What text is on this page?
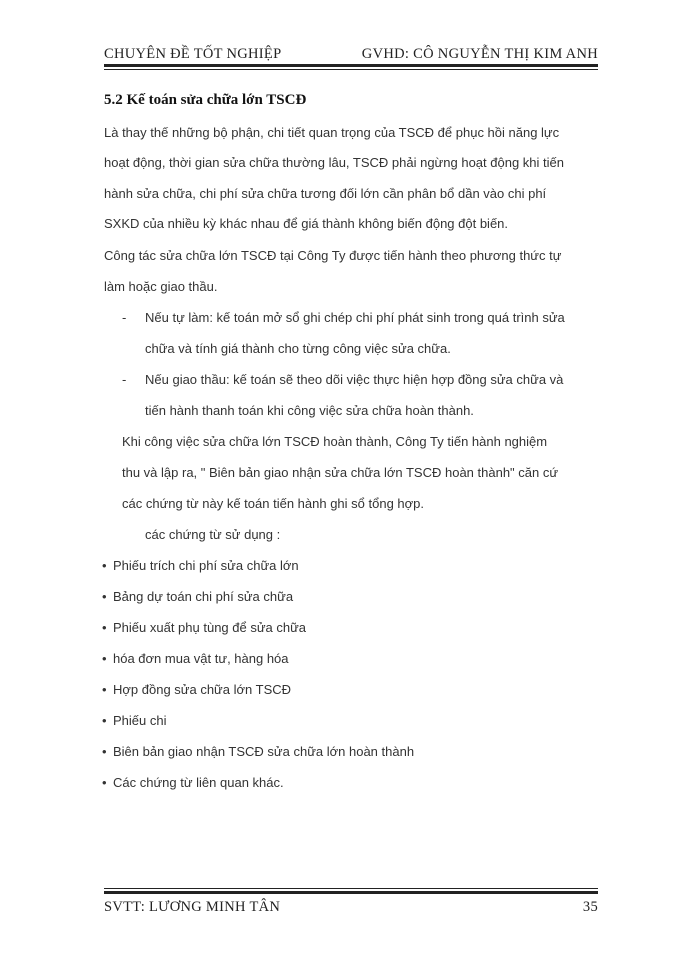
CHUYÊN ĐỀ TỐT NGHIỆP	GVHD: CÔ NGUYỄN THỊ KIM ANH
5.2 Kế toán sửa chữa lớn TSCĐ
Là thay thế những bộ phận, chi tiết quan trọng của TSCĐ để phục hồi năng lực
hoạt động, thời gian sửa chữa thường lâu, TSCĐ phải ngừng hoạt động khi tiến
hành sửa chữa, chi phí sửa chữa tương đối lớn cần phân bổ dần vào chi phí
SXKD của nhiều kỳ khác nhau để giá thành không biến động đột biến.
Công tác sửa chữa lớn TSCĐ tại Công Ty được tiến hành theo phương thức tự
làm hoặc giao thầu.
- Nếu tự làm: kế toán mở sổ ghi chép chi phí phát sinh trong quá trình sửa
chữa và tính giá thành cho từng công việc sửa chữa.
- Nếu giao thầu: kế toán sẽ theo dõi việc thực hiện hợp đồng sửa chữa và
tiến hành thanh toán khi công việc sửa chữa hoàn thành.
Khi công việc sửa chữa lớn TSCĐ hoàn thành, Công Ty tiến hành nghiệm
thu và lập ra, " Biên bản giao nhận sửa chữa lớn TSCĐ hoàn thành" căn cứ
các chứng từ này kế toán tiến hành ghi sổ tổng hợp.
các chứng từ sử dụng :
• Phiếu trích chi phí sửa chữa lớn
• Bảng dự toán chi phí sửa chữa
• Phiếu xuất phụ tùng để sửa chữa
• hóa đơn mua vật tư, hàng hóa
• Hợp đồng sửa chữa lớn TSCĐ
• Phiếu chi
• Biên bản giao nhận TSCĐ sửa chữa lớn hoàn thành
• Các chứng từ liên quan khác.
SVTT: LƯƠNG MINH TÂN	35
